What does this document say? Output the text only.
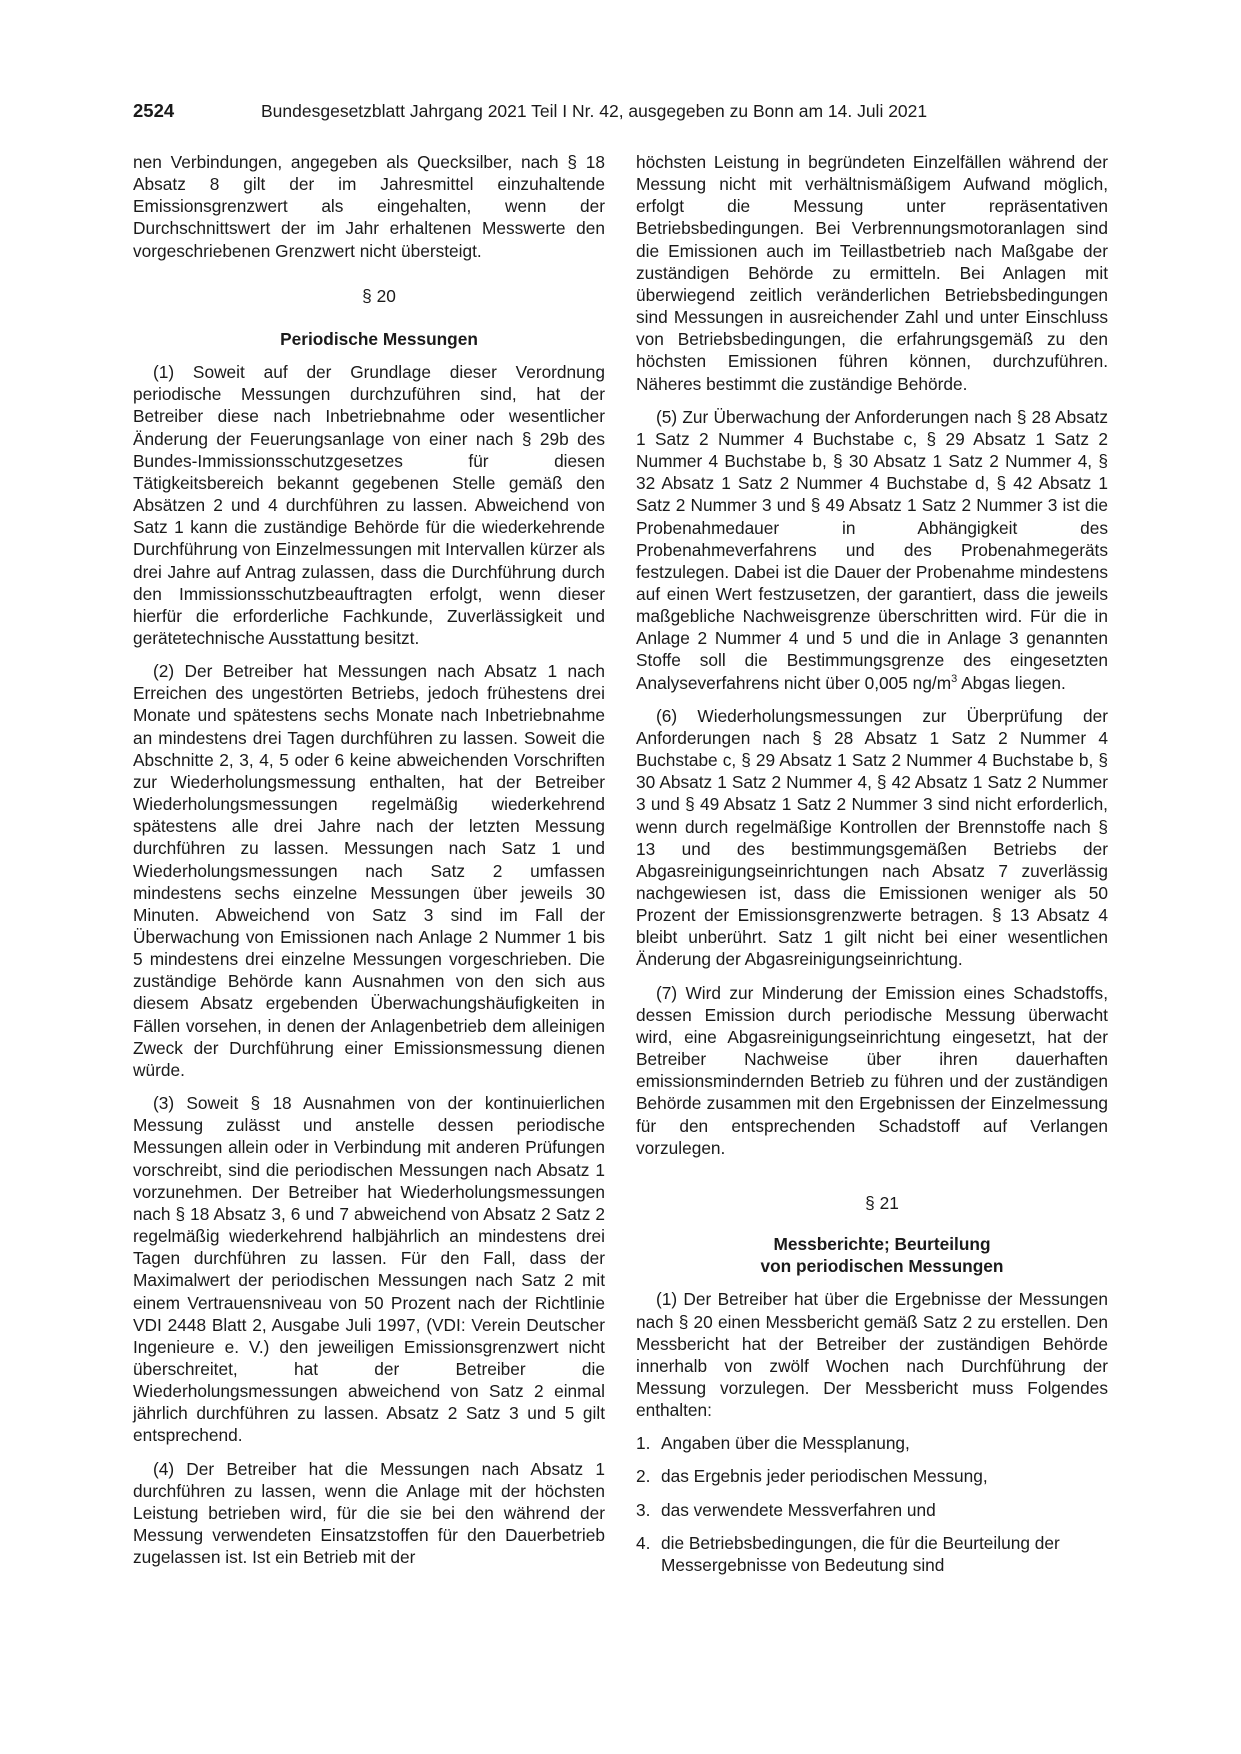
2524	Bundesgesetzblatt Jahrgang 2021 Teil I Nr. 42, ausgegeben zu Bonn am 14. Juli 2021

nen Verbindungen, angegeben als Quecksilber, nach § 18 Absatz 8 gilt der im Jahresmittel einzuhaltende Emissionsgrenzwert als eingehalten, wenn der Durchschnittswert der im Jahr erhaltenen Messwerte den vorgeschriebenen Grenzwert nicht übersteigt.

§ 20

Periodische Messungen

(1) Soweit auf der Grundlage dieser Verordnung periodische Messungen durchzuführen sind, hat der Betreiber diese nach Inbetriebnahme oder wesentlicher Änderung der Feuerungsanlage von einer nach § 29b des Bundes-Immissionsschutzgesetzes für diesen Tätigkeitsbereich bekannt gegebenen Stelle gemäß den Absätzen 2 und 4 durchführen zu lassen. Abweichend von Satz 1 kann die zuständige Behörde für die wiederkehrende Durchführung von Einzelmessungen mit Intervallen kürzer als drei Jahre auf Antrag zulassen, dass die Durchführung durch den Immissionsschutzbeauftragten erfolgt, wenn dieser hierfür die erforderliche Fachkunde, Zuverlässigkeit und gerätetechnische Ausstattung besitzt.

(2) Der Betreiber hat Messungen nach Absatz 1 nach Erreichen des ungestörten Betriebs, jedoch frühestens drei Monate und spätestens sechs Monate nach Inbetriebnahme an mindestens drei Tagen durchführen zu lassen. Soweit die Abschnitte 2, 3, 4, 5 oder 6 keine abweichenden Vorschriften zur Wiederholungsmessung enthalten, hat der Betreiber Wiederholungsmessungen regelmäßig wiederkehrend spätestens alle drei Jahre nach der letzten Messung durchführen zu lassen. Messungen nach Satz 1 und Wiederholungsmessungen nach Satz 2 umfassen mindestens sechs einzelne Messungen über jeweils 30 Minuten. Abweichend von Satz 3 sind im Fall der Überwachung von Emissionen nach Anlage 2 Nummer 1 bis 5 mindestens drei einzelne Messungen vorgeschrieben. Die zuständige Behörde kann Ausnahmen von den sich aus diesem Absatz ergebenden Überwachungshäufigkeiten in Fällen vorsehen, in denen der Anlagenbetrieb dem alleinigen Zweck der Durchführung einer Emissionsmessung dienen würde.

(3) Soweit § 18 Ausnahmen von der kontinuierlichen Messung zulässt und anstelle dessen periodische Messungen allein oder in Verbindung mit anderen Prüfungen vorschreibt, sind die periodischen Messungen nach Absatz 1 vorzunehmen. Der Betreiber hat Wiederholungsmessungen nach § 18 Absatz 3, 6 und 7 abweichend von Absatz 2 Satz 2 regelmäßig wiederkehrend halbjährlich an mindestens drei Tagen durchführen zu lassen. Für den Fall, dass der Maximalwert der periodischen Messungen nach Satz 2 mit einem Vertrauensniveau von 50 Prozent nach der Richtlinie VDI 2448 Blatt 2, Ausgabe Juli 1997, (VDI: Verein Deutscher Ingenieure e. V.) den jeweiligen Emissionsgrenzwert nicht überschreitet, hat der Betreiber die Wiederholungsmessungen abweichend von Satz 2 einmal jährlich durchführen zu lassen. Absatz 2 Satz 3 und 5 gilt entsprechend.

(4) Der Betreiber hat die Messungen nach Absatz 1 durchführen zu lassen, wenn die Anlage mit der höchsten Leistung betrieben wird, für die sie bei den während der Messung verwendeten Einsatzstoffen für den Dauerbetrieb zugelassen ist. Ist ein Betrieb mit der

höchsten Leistung in begründeten Einzelfällen während der Messung nicht mit verhältnismäßigem Aufwand möglich, erfolgt die Messung unter repräsentativen Betriebsbedingungen. Bei Verbrennungsmotoranlagen sind die Emissionen auch im Teillastbetrieb nach Maßgabe der zuständigen Behörde zu ermitteln. Bei Anlagen mit überwiegend zeitlich veränderlichen Betriebsbedingungen sind Messungen in ausreichender Zahl und unter Einschluss von Betriebsbedingungen, die erfahrungsgemäß zu den höchsten Emissionen führen können, durchzuführen. Näheres bestimmt die zuständige Behörde.

(5) Zur Überwachung der Anforderungen nach § 28 Absatz 1 Satz 2 Nummer 4 Buchstabe c, § 29 Absatz 1 Satz 2 Nummer 4 Buchstabe b, § 30 Absatz 1 Satz 2 Nummer 4, § 32 Absatz 1 Satz 2 Nummer 4 Buchstabe d, § 42 Absatz 1 Satz 2 Nummer 3 und § 49 Absatz 1 Satz 2 Nummer 3 ist die Probenahmedauer in Abhängigkeit des Probenahmeverfahrens und des Probenahmegeräts festzulegen. Dabei ist die Dauer der Probenahme mindestens auf einen Wert festzusetzen, der garantiert, dass die jeweils maßgebliche Nachweisgrenze überschritten wird. Für die in Anlage 2 Nummer 4 und 5 und die in Anlage 3 genannten Stoffe soll die Bestimmungsgrenze des eingesetzten Analyseverfahrens nicht über 0,005 $ng/m^3$ Abgas liegen.

(6) Wiederholungsmessungen zur Überprüfung der Anforderungen nach § 28 Absatz 1 Satz 2 Nummer 4 Buchstabe c, § 29 Absatz 1 Satz 2 Nummer 4 Buchstabe b, § 30 Absatz 1 Satz 2 Nummer 4, § 42 Absatz 1 Satz 2 Nummer 3 und § 49 Absatz 1 Satz 2 Nummer 3 sind nicht erforderlich, wenn durch regelmäßige Kontrollen der Brennstoffe nach § 13 und des bestimmungsgemäßen Betriebs der Abgasreinigungseinrichtungen nach Absatz 7 zuverlässig nachgewiesen ist, dass die Emissionen weniger als 50 Prozent der Emissionsgrenzwerte betragen. § 13 Absatz 4 bleibt unberührt. Satz 1 gilt nicht bei einer wesentlichen Änderung der Abgasreinigungseinrichtung.

(7) Wird zur Minderung der Emission eines Schadstoffs, dessen Emission durch periodische Messung überwacht wird, eine Abgasreinigungseinrichtung eingesetzt, hat der Betreiber Nachweise über ihren dauerhaften emissionsmindernden Betrieb zu führen und der zuständigen Behörde zusammen mit den Ergebnissen der Einzelmessung für den entsprechenden Schadstoff auf Verlangen vorzulegen.

§ 21

Messberichte; Beurteilung

von periodischen Messungen

(1) Der Betreiber hat über die Ergebnisse der Messungen nach § 20 einen Messbericht gemäß Satz 2 zu erstellen. Den Messbericht hat der Betreiber der zuständigen Behörde innerhalb von zwölf Wochen nach Durchführung der Messung vorzulegen. Der Messbericht muss Folgendes enthalten:

1. Angaben über die Messplanung,
2. das Ergebnis jeder periodischen Messung,
3. das verwendete Messverfahren und
4. die Betriebsbedingungen, die für die Beurteilung der Messergebnisse von Bedeutung sind
